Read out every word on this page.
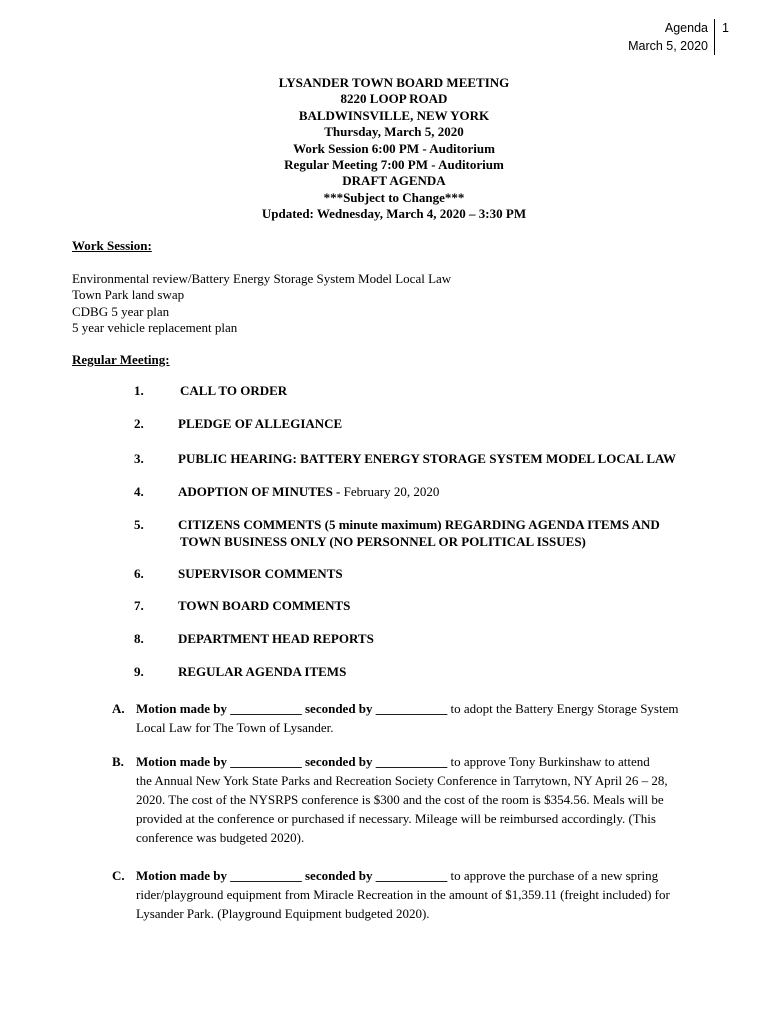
Agenda
March 5, 2020
1
LYSANDER TOWN BOARD MEETING
8220 LOOP ROAD
BALDWINSVILLE, NEW YORK
Thursday, March 5, 2020
Work Session 6:00 PM - Auditorium
Regular Meeting 7:00 PM - Auditorium
DRAFT AGENDA
***Subject to Change***
Updated: Wednesday, March 4, 2020 – 3:30 PM
Work Session:
Environmental review/Battery Energy Storage System Model Local Law
Town Park land swap
CDBG 5 year plan
5 year vehicle replacement plan
Regular Meeting:
1.	CALL TO ORDER
2.	PLEDGE OF ALLEGIANCE
3.	PUBLIC HEARING: BATTERY ENERGY STORAGE SYSTEM MODEL LOCAL LAW
4.	ADOPTION OF MINUTES - February 20, 2020
5.	CITIZENS COMMENTS (5 minute maximum) REGARDING AGENDA ITEMS AND
TOWN BUSINESS ONLY (NO PERSONNEL OR POLITICAL ISSUES)
6.	SUPERVISOR COMMENTS
7.	TOWN BOARD COMMENTS
8.	DEPARTMENT HEAD REPORTS
9.	REGULAR AGENDA ITEMS
A. Motion made by ___________ seconded by ___________ to adopt the Battery Energy Storage System
Local Law for The Town of Lysander.
B. Motion made by ___________ seconded by ___________ to approve Tony Burkinshaw to attend
the Annual New York State Parks and Recreation Society Conference in Tarrytown, NY April 26 – 28,
2020. The cost of the NYSRPS conference is $300 and the cost of the room is $354.56. Meals will be
provided at the conference or purchased if necessary. Mileage will be reimbursed accordingly. (This
conference was budgeted 2020).
C. Motion made by ___________ seconded by ___________ to approve the purchase of a new spring
rider/playground equipment from Miracle Recreation in the amount of $1,359.11 (freight included) for
Lysander Park. (Playground Equipment budgeted 2020).
